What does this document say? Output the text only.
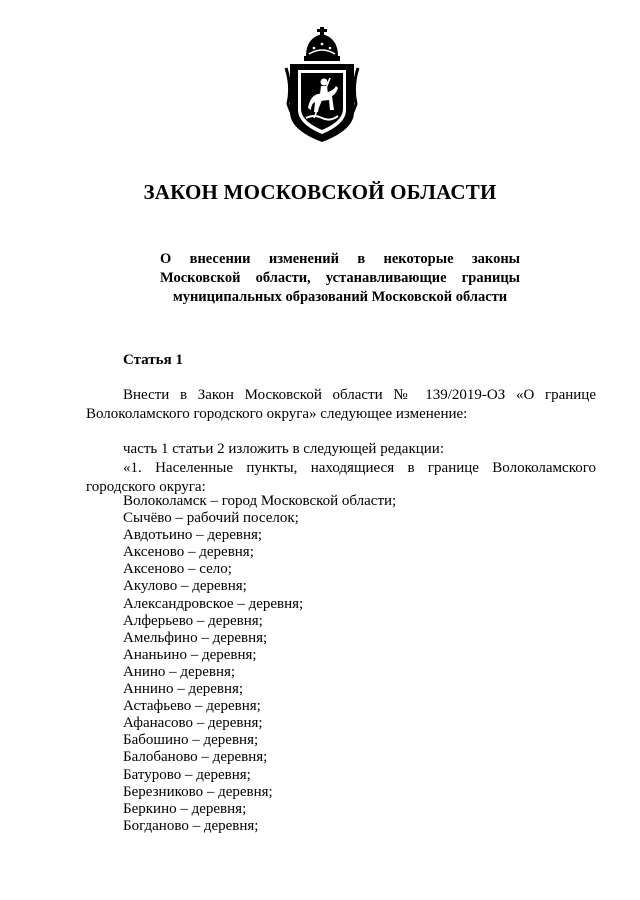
ЗАКОН МОСКОВСКОЙ ОБЛАСТИ
О внесении изменений в некоторые законы Московской области, устанавливающие границы муниципальных образований Московской области
Статья 1

Внести в Закон Московской области № 139/2019-ОЗ «О границе Волоколамского городского округа» следующее изменение:

часть 1 статьи 2 изложить в следующей редакции:

«1. Населенные пункты, находящиеся в границе Волоколамского городского округа:

Волоколамск – город Московской области;
Сычёво – рабочий поселок;
Авдотьино – деревня;
Аксеново – деревня;
Аксеново – село;
Акулово – деревня;
Александровское – деревня;
Алферьево – деревня;
Амельфино – деревня;
Ананьино – деревня;
Анино – деревня;
Аннино – деревня;
Астафьево – деревня;
Афанасово – деревня;
Бабошино – деревня;
Балобаново – деревня;
Батурово – деревня;
Березниково – деревня;
Беркино – деревня;
Богданово – деревня;
